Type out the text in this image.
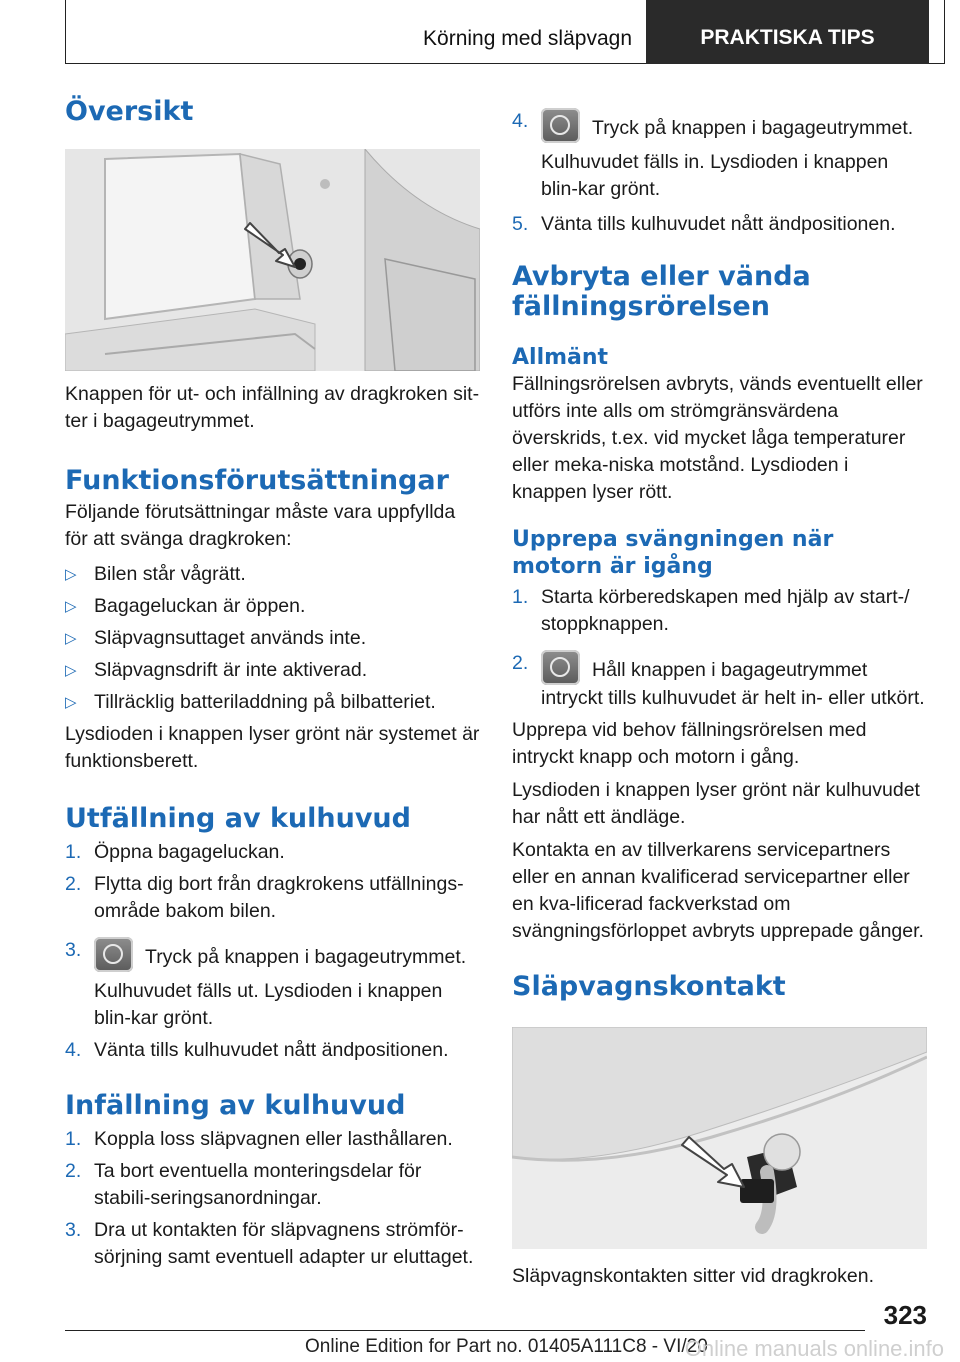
Körning med släpvagn	PRAKTISKA TIPS
Översikt

Knappen för ut- och infällning av dragkroken sit-ter i bagageutrymmet.

Funktionsförutsättningar

Följande förutsättningar måste vara uppfyllda för att svänga dragkroken:

▷ Bilen står vågrätt.
▷ Bagageluckan är öppen.
▷ Släpvagnsuttaget används inte.
▷ Släpvagnsdrift är inte aktiverad.
▷ Tillräcklig batteriladdning på bilbatteriet.

Lysdioden i knappen lyser grönt när systemet är funktionsberett.

Utfällning av kulhuvud
1. Öppna bagageluckan.
2. Flytta dig bort från dragkrokens utfällnings-område bakom bilen.
3.	Tryck på knappen i bagageutrymmet.
Kulhuvudet fälls ut. Lysdioden i knappen blin-kar grönt.
4. Vänta tills kulhuvudet nått ändpositionen.
Infällning av kulhuvud
1. Koppla loss släpvagnen eller lasthållaren.
2. Ta bort eventuella monteringsdelar för stabili-seringsanordningar.
3. Dra ut kontakten för släpvagnens strömför-sörjning samt eventuell adapter ur eluttaget.
4.	Tryck på knappen i bagageutrymmet.
Kulhuvudet fälls in. Lysdioden i knappen blin-kar grönt.
5. Vänta tills kulhuvudet nått ändpositionen.
Avbryta eller vända fällningsrörelsen
Allmänt

Fällningsrörelsen avbryts, vänds eventuellt eller utförs inte alls om strömgränsvärdena överskrids, t.ex. vid mycket låga temperaturer eller meka-niska motstånd. Lysdioden i knappen lyser rött.

Upprepa svängningen när motorn är igång
1. Starta körberedskapen med hjälp av start-/ stoppknappen.
2.	Håll knappen i bagageutrymmet intryckt tills kulhuvudet är helt in- eller utkört.

Upprepa vid behov fällningsrörelsen med intryckt knapp och motorn i gång.

Lysdioden i knappen lyser grönt när kulhuvudet har nått ett ändläge.

Kontakta en av tillverkarens servicepartners eller en annan kvalificerad servicepartner eller en kva-lificerad fackverkstad om svängningsförloppet avbryts upprepade gånger.

Släpvagnskontakt

Släpvagnskontakten sitter vid dragkroken.

323
Online Edition for Part no. 01405A111C8 - VI/20
Online manuals online.info
